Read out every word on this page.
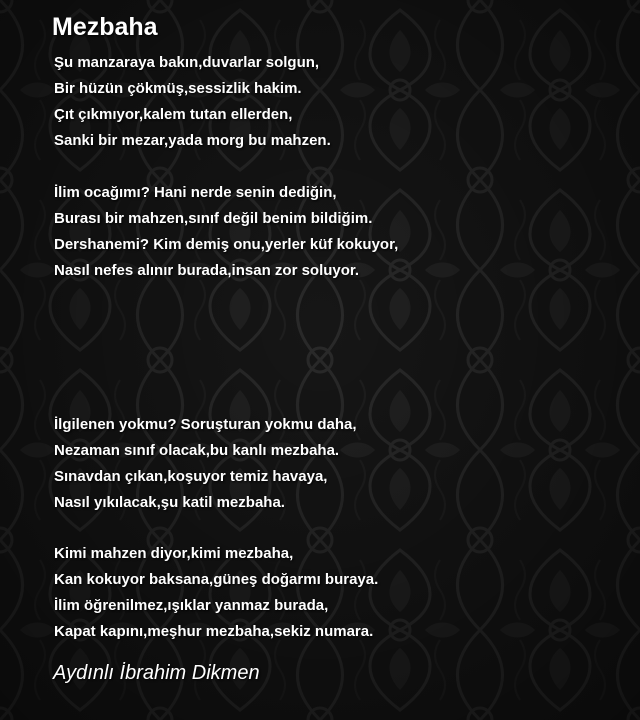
Mezbaha
Şu manzaraya bakın,duvarlar solgun,
Bir hüzün çökmüş,sessizlik hakim.
Çıt çıkmıyor,kalem tutan ellerden,
Sanki bir mezar,yada morg bu mahzen.
İlim ocağımı? Hani nerde senin dediğin,
Burası bir mahzen,sınıf değil benim bildiğim.
Dershanemi? Kim demiş onu,yerler küf kokuyor,
Nasıl nefes alınır burada,insan zor soluyor.
İlgilenen yokmu? Soruşturan yokmu daha,
Nezaman sınıf olacak,bu kanlı mezbaha.
Sınavdan çıkan,koşuyor temiz havaya,
Nasıl yıkılacak,şu katil mezbaha.
Kimi mahzen diyor,kimi mezbaha,
Kan kokuyor baksana,güneş doğarmı buraya.
İlim öğrenilmez,ışıklar yanmaz burada,
Kapat kapını,meşhur mezbaha,sekiz numara.
Aydınlı İbrahim Dikmen
